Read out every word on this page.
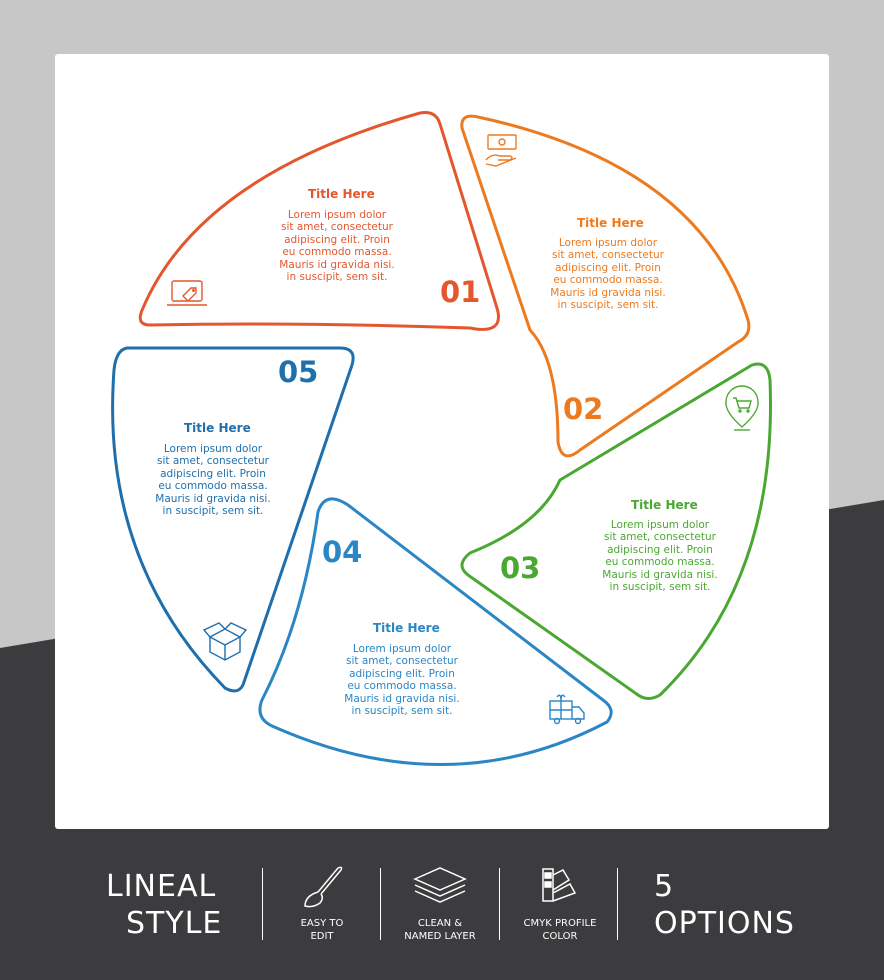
Title Here
Lorem ipsum dolor
sit amet, consectetur
adipiscing elit. Proin
eu commodo massa.
Mauris id gravida nisi.
in suscipit, sem sit.	01
Title Here
Lorem ipsum dolor
sit amet, consectetur
adipiscing elit. Proin
eu commodo massa.
Mauris id gravida nisi.
in suscipit, sem sit.
02
Title Here
Lorem ipsum dolor
sit amet, consectetur
adipiscing elit. Proin
eu commodo massa.
Mauris id gravida nisi.
in suscipit, sem sit.
03
Title Here
Lorem ipsum dolor
sit amet, consectetur
adipiscing elit. Proin
eu commodo massa.
Mauris id gravida nisi.
in suscipit, sem sit.
04
Title Here
Lorem ipsum dolor
sit amet, consectetur
adipiscing elit. Proin
eu commodo massa.
Mauris id gravida nisi.
in suscipit, sem sit.
05
LINEAL
STYLE	EASY TO
EDIT
CLEAN &
NAMED LAYER
CMYK PROFILE
COLOR
5
OPTIONS
